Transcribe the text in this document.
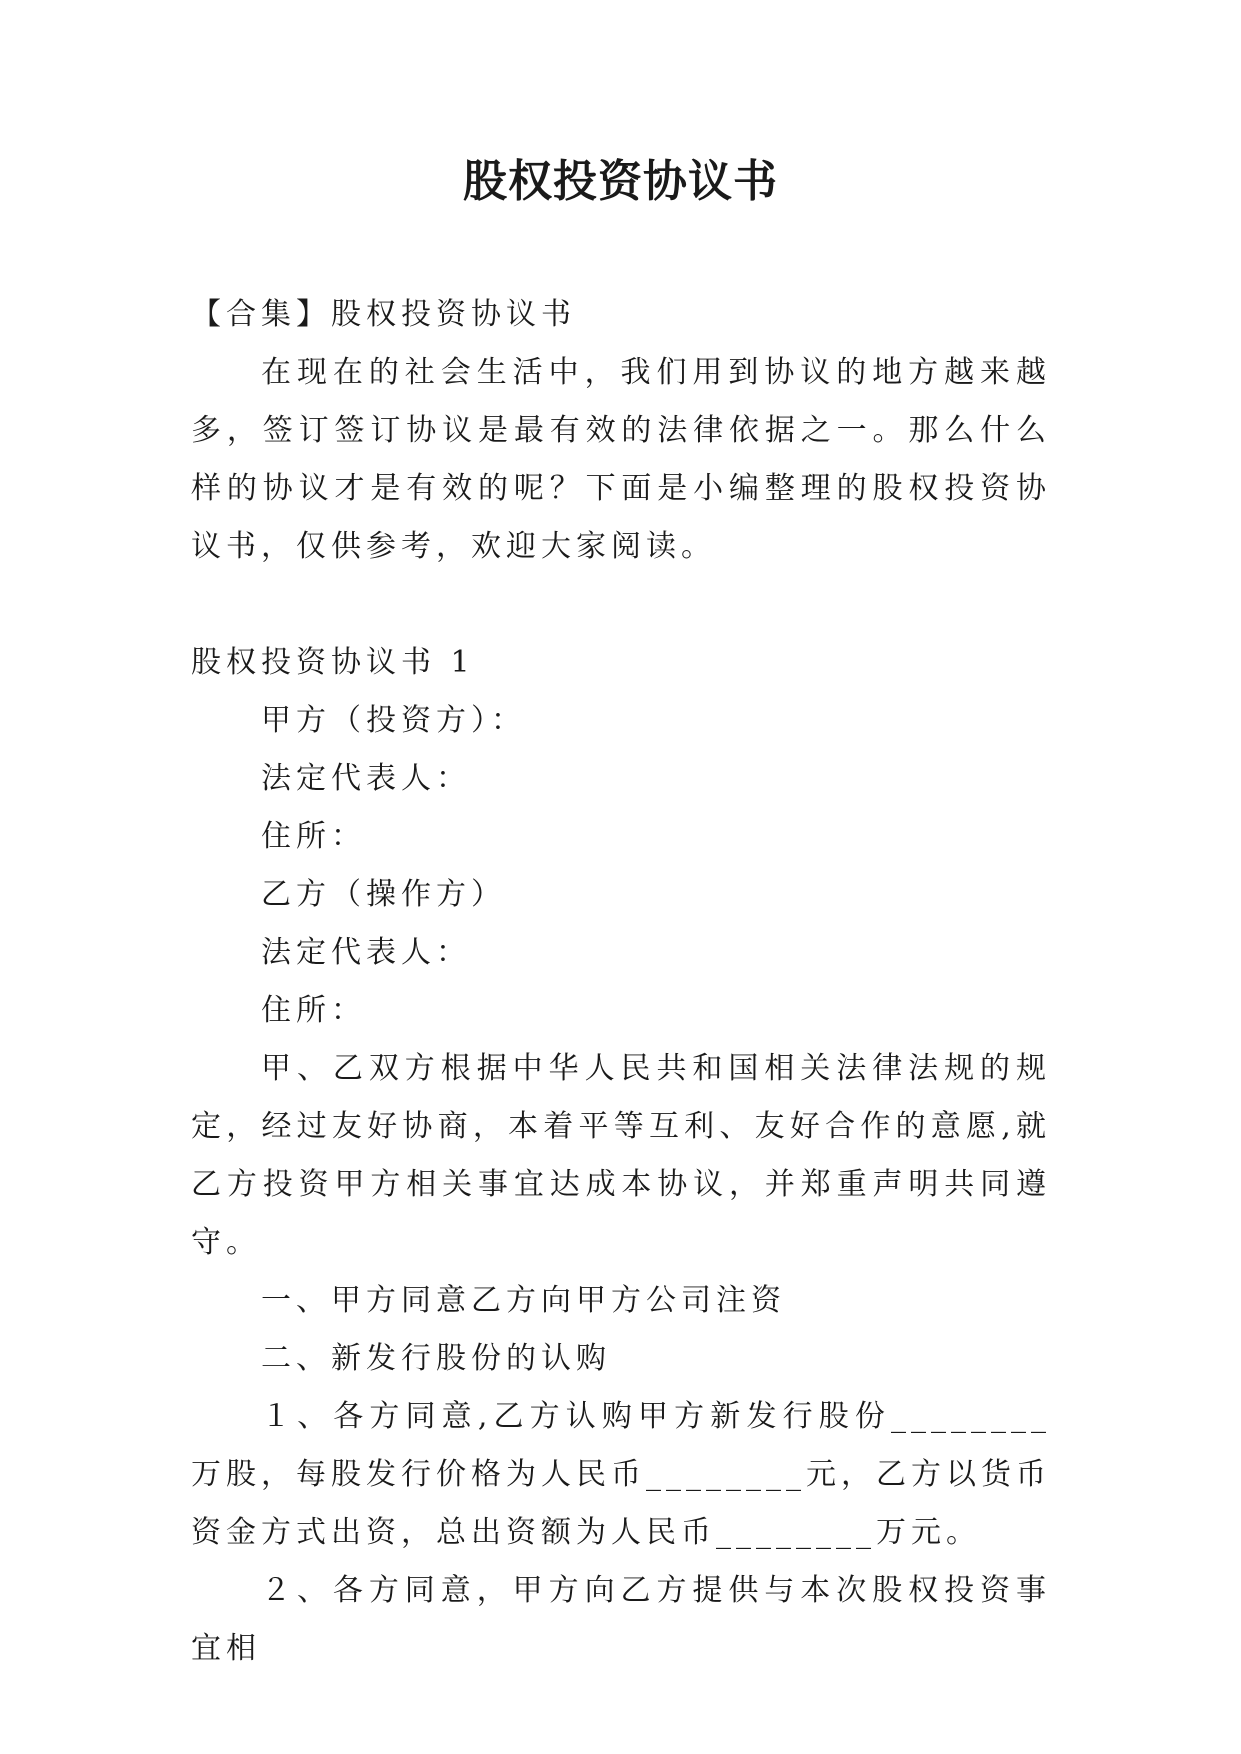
股权投资协议书

【合集】股权投资协议书

在现在的社会生活中，我们用到协议的地方越来越多，签订签订协议是最有效的法律依据之一。那么什么样的协议才是有效的呢？下面是小编整理的股权投资协议书，仅供参考，欢迎大家阅读。

股权投资协议书 1

甲方（投资方）：

法定代表人：

住所：

乙方（操作方）

法定代表人：

住所：

甲、乙双方根据中华人民共和国相关法律法规的规定，经过友好协商，本着平等互利、友好合作的意愿,就乙方投资甲方相关事宜达成本协议，并郑重声明共同遵守。

一、甲方同意乙方向甲方公司注资

二、新发行股份的认购

１、各方同意,乙方认购甲方新发行股份________万股，每股发行价格为人民币________元，乙方以货币资金方式出资，总出资额为人民币________万元。

２、各方同意，甲方向乙方提供与本次股权投资事宜相
